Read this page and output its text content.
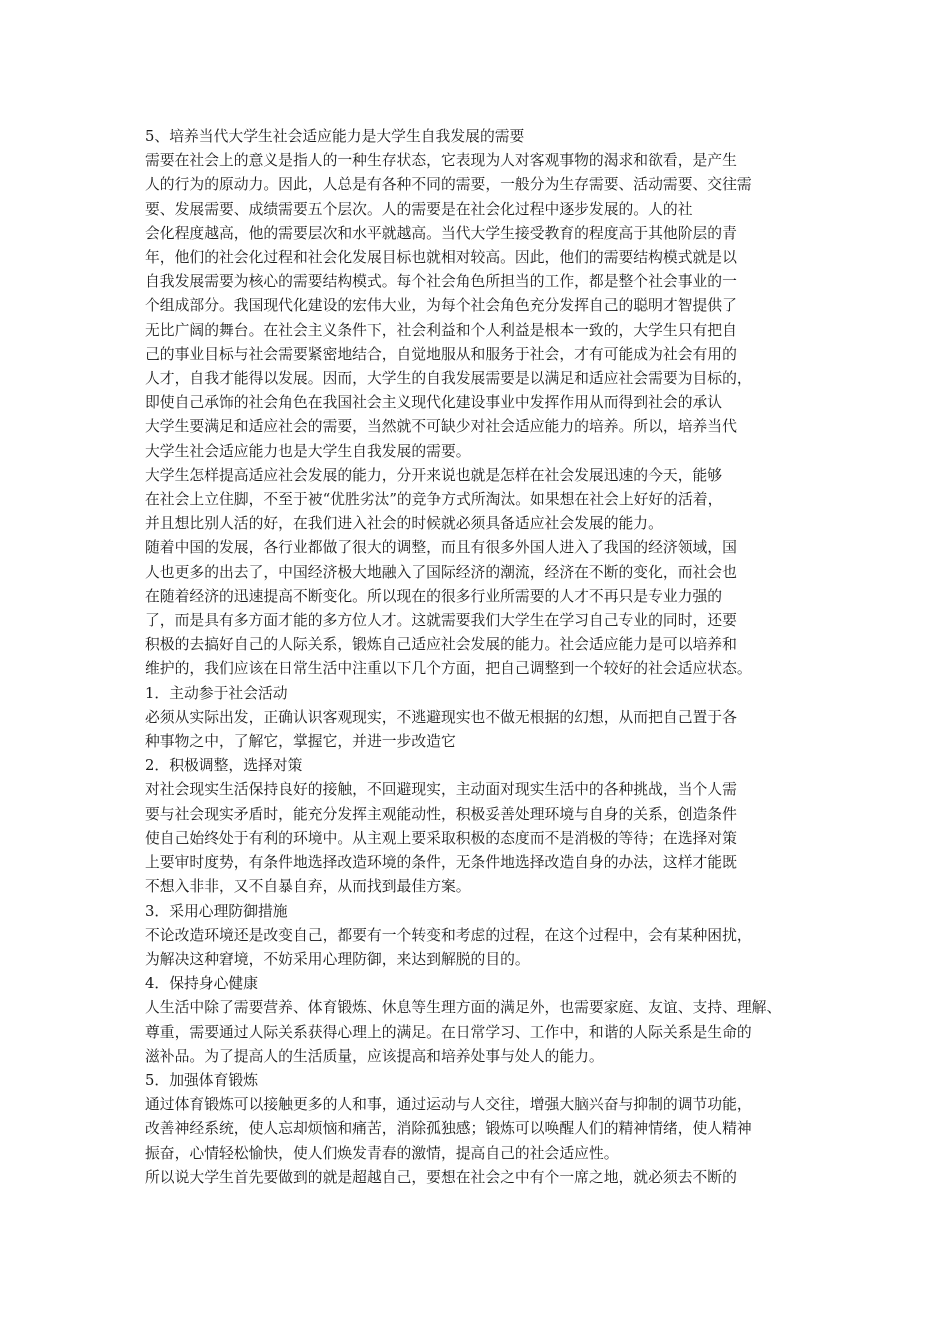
5、培养当代大学生社会适应能力是大学生自我发展的需要
需要在社会上的意义是指人的一种生存状态，它表现为人对客观事物的渴求和欲看，是产生
人的行为的原动力。因此，人总是有各种不同的需要，一般分为生存需要、活动需要、交往需
要、发展需要、成绩需要五个层次。人的需要是在社会化过程中逐步发展的。人的社
会化程度越高，他的需要层次和水平就越高。当代大学生接受教育的程度高于其他阶层的青
年，他们的社会化过程和社会化发展目标也就相对较高。因此，他们的需要结构模式就是以
自我发展需要为核心的需要结构模式。每个社会角色所担当的工作，都是整个社会事业的一
个组成部分。我国现代化建设的宏伟大业，为每个社会角色充分发挥自己的聪明才智提供了
无比广阔的舞台。在社会主义条件下，社会利益和个人利益是根本一致的，大学生只有把自
己的事业目标与社会需要紧密地结合，自觉地服从和服务于社会，才有可能成为社会有用的
人才，自我才能得以发展。因而，大学生的自我发展需要是以满足和适应社会需要为目标的，
即使自己承饰的社会角色在我国社会主义现代化建设事业中发挥作用从而得到社会的承认
大学生要满足和适应社会的需要，当然就不可缺少对社会适应能力的培养。所以，培养当代
大学生社会适应能力也是大学生自我发展的需要。
大学生怎样提高适应社会发展的能力，分开来说也就是怎样在社会发展迅速的今天，能够
在社会上立住脚，不至于被“优胜劣汰”的竞争方式所淘汰。如果想在社会上好好的活着，
并且想比别人活的好，在我们进入社会的时候就必须具备适应社会发展的能力。
随着中国的发展，各行业都做了很大的调整，而且有很多外国人进入了我国的经济领域，国
人也更多的出去了，中国经济极大地融入了国际经济的潮流，经济在不断的变化，而社会也
在随着经济的迅速提高不断变化。所以现在的很多行业所需要的人才不再只是专业力强的
了，而是具有多方面才能的多方位人才。这就需要我们大学生在学习自己专业的同时，还要
积极的去搞好自己的人际关系，锻炼自己适应社会发展的能力。社会适应能力是可以培养和
维护的，我们应该在日常生活中注重以下几个方面，把自己调整到一个较好的社会适应状态。
1．主动参于社会活动
必须从实际出发，正确认识客观现实，不逃避现实也不做无根据的幻想，从而把自己置于各
种事物之中，了解它，掌握它，并进一步改造它
2．积极调整，选择对策
对社会现实生活保持良好的接触，不回避现实，主动面对现实生活中的各种挑战，当个人需
要与社会现实矛盾时，能充分发挥主观能动性，积极妥善处理环境与自身的关系，创造条件
使自己始终处于有利的环境中。从主观上要采取积极的态度而不是消极的等待；在选择对策
上要审时度势，有条件地选择改造环境的条件，无条件地选择改造自身的办法，这样才能既
不想入非非，又不自暴自弃，从而找到最佳方案。
3．采用心理防御措施
不论改造环境还是改变自己，都要有一个转变和考虑的过程，在这个过程中，会有某种困扰，
为解决这种窘境，不妨采用心理防御，来达到解脱的目的。
4．保持身心健康
人生活中除了需要营养、体育锻炼、休息等生理方面的满足外，也需要家庭、友谊、支持、理解、
尊重，需要通过人际关系获得心理上的满足。在日常学习、工作中，和谐的人际关系是生命的
滋补品。为了提高人的生活质量，应该提高和培养处事与处人的能力。
5．加强体育锻炼
通过体育锻炼可以接触更多的人和事，通过运动与人交往，增强大脑兴奋与抑制的调节功能，
改善神经系统，使人忘却烦恼和痛苦，消除孤独感；锻炼可以唤醒人们的精神情绪，使人精神
振奋，心情轻松愉快，使人们焕发青春的激情，提高自己的社会适应性。
所以说大学生首先要做到的就是超越自己，要想在社会之中有个一席之地，就必须去不断的
